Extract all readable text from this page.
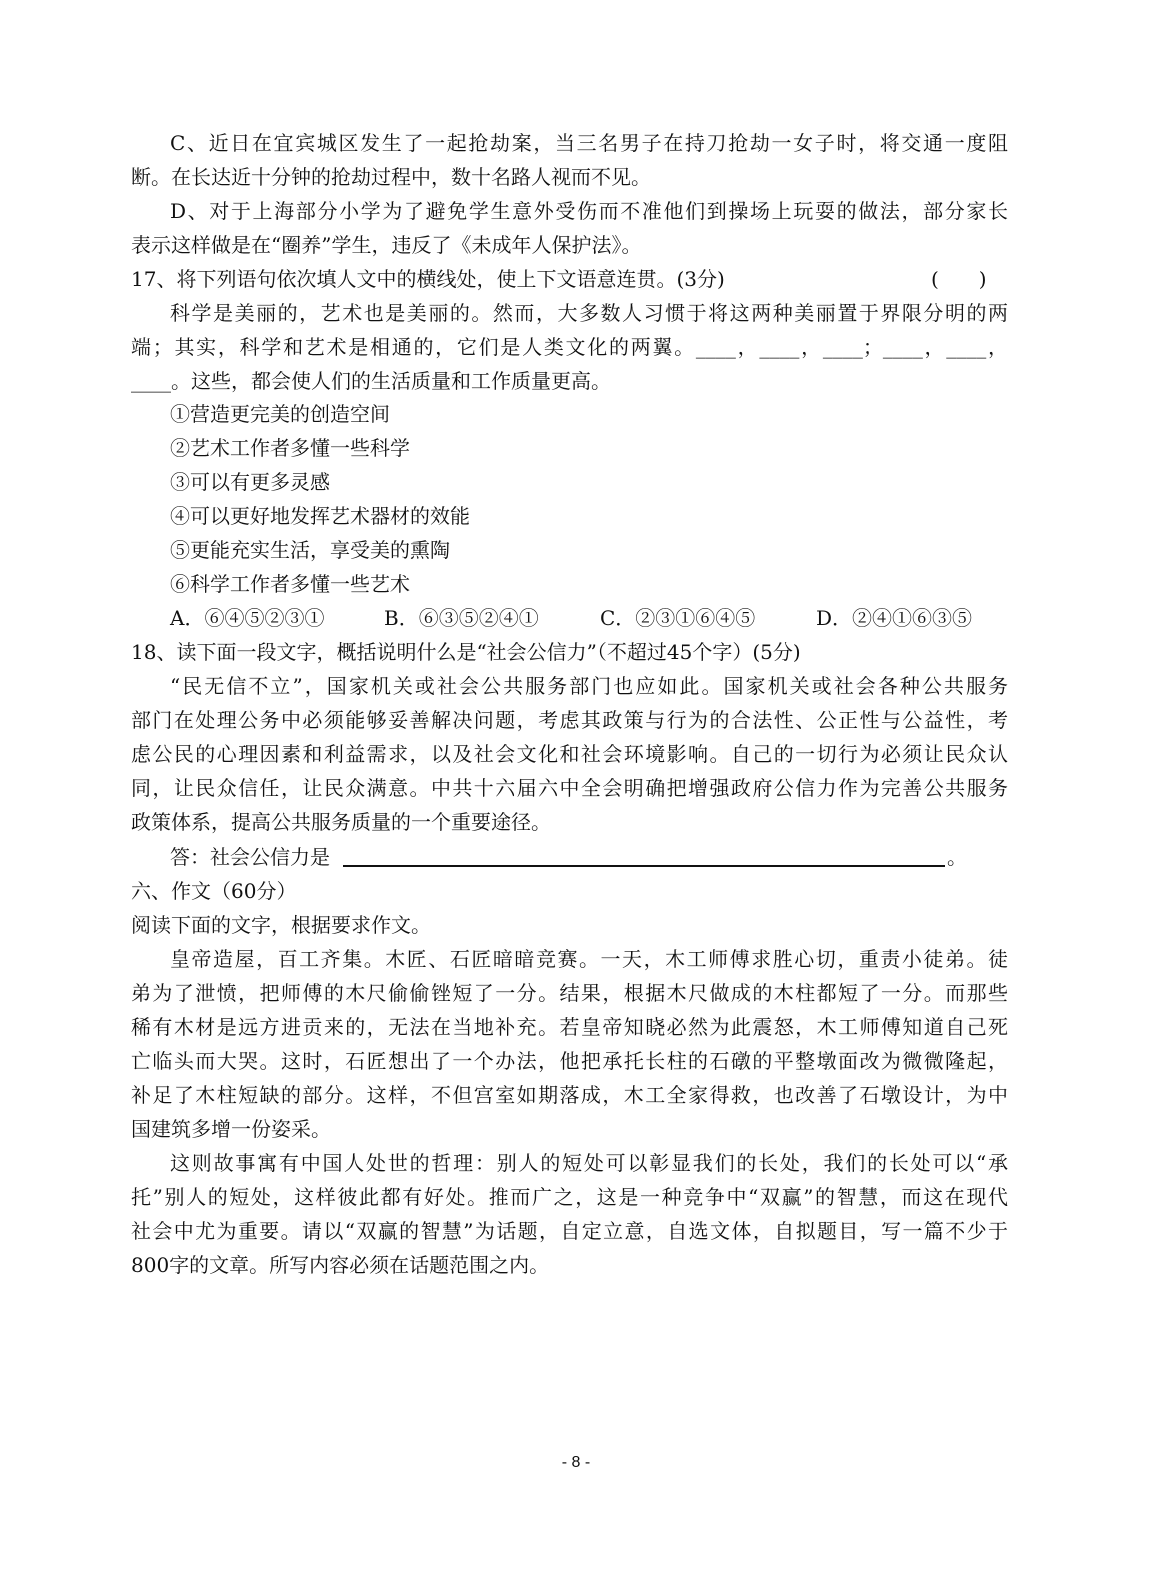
C、近日在宜宾城区发生了一起抢劫案，当三名男子在持刀抢劫一女子时，将交通一度阻
断。在长达近十分钟的抢劫过程中，数十名路人视而不见。
D、对于上海部分小学为了避免学生意外受伤而不准他们到操场上玩耍的做法，部分家长
表示这样做是在“圈养”学生，违反了《未成年人保护法》。
17、将下列语句依次填人文中的横线处，使上下文语意连贯。(3分)	(　　)
科学是美丽的，艺术也是美丽的。然而，大多数人习惯于将这两种美丽置于界限分明的两
端；其实，科学和艺术是相通的，它们是人类文化的两翼。____，____，____；____，____，
____。这些，都会使人们的生活质量和工作质量更高。
①营造更完美的创造空间
②艺术工作者多懂一些科学
③可以有更多灵感
④可以更好地发挥艺术器材的效能
⑤更能充实生活，享受美的熏陶
⑥科学工作者多懂一些艺术
A．⑥④⑤②③①	B．⑥③⑤②④①	C．②③①⑥④⑤	D．②④①⑥③⑤
18、读下面一段文字，概括说明什么是“社会公信力”（不超过45个字）(5分)
“民无信不立”，国家机关或社会公共服务部门也应如此。国家机关或社会各种公共服务
部门在处理公务中必须能够妥善解决问题，考虑其政策与行为的合法性、公正性与公益性，考
虑公民的心理因素和利益需求，以及社会文化和社会环境影响。自己的一切行为必须让民众认
同，让民众信任，让民众满意。中共十六届六中全会明确把增强政府公信力作为完善公共服务
政策体系，提高公共服务质量的一个重要途径。
答：社会公信力是	。
六、作文（60分）
阅读下面的文字，根据要求作文。
皇帝造屋，百工齐集。木匠、石匠暗暗竞赛。一天，木工师傅求胜心切，重责小徒弟。徒
弟为了泄愤，把师傅的木尺偷偷锉短了一分。结果，根据木尺做成的木柱都短了一分。而那些
稀有木材是远方进贡来的，无法在当地补充。若皇帝知晓必然为此震怒，木工师傅知道自己死
亡临头而大哭。这时，石匠想出了一个办法，他把承托长柱的石礅的平整墩面改为微微隆起，
补足了木柱短缺的部分。这样，不但宫室如期落成，木工全家得救，也改善了石墩设计，为中
国建筑多增一份姿采。
这则故事寓有中国人处世的哲理：别人的短处可以彰显我们的长处，我们的长处可以“承
托”别人的短处，这样彼此都有好处。推而广之，这是一种竞争中“双赢”的智慧，而这在现代
社会中尤为重要。请以“双赢的智慧”为话题，自定立意，自选文体，自拟题目，写一篇不少于
800字的文章。所写内容必须在话题范围之内。
- 8 -
